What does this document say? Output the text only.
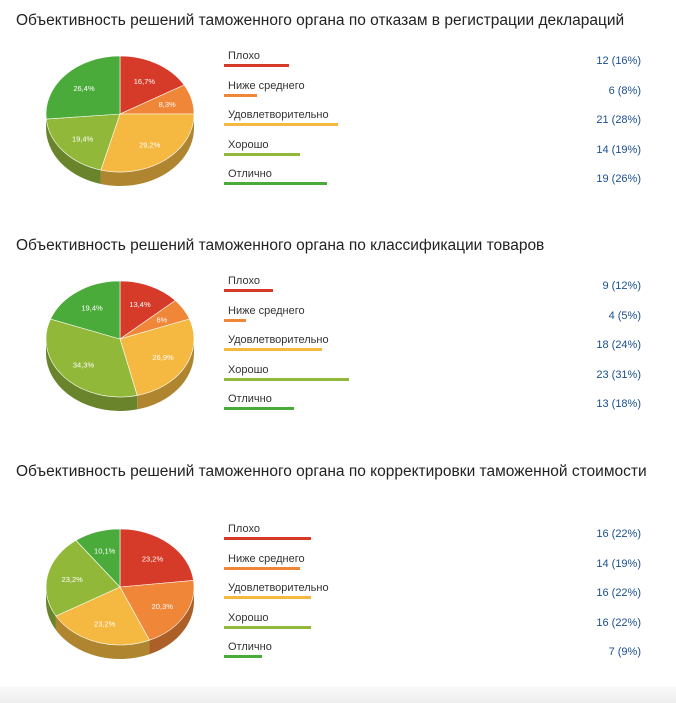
Объективность решений таможенного органа по отказам в регистрации деклараций
16,7%
8,3%
29,2%
19,4%
26,4%
Плохо	12 (16%)
Ниже среднего	6 (8%)
Удовлетворительно	21 (28%)
Хорошо	14 (19%)
Отлично	19 (26%)
Объективность решений таможенного органа по классификации товаров
13,4%
6%
26,9%
34,3%
19,4%
Плохо	9 (12%)
Ниже среднего	4 (5%)
Удовлетворительно	18 (24%)
Хорошо	23 (31%)
Отлично	13 (18%)
Объективность решений таможенного органа по корректировки таможенной стоимости
23,2%
20,3%
23,2%
23,2%
10,1%
Плохо	16 (22%)
Ниже среднего	14 (19%)
Удовлетворительно	16 (22%)
Хорошо	16 (22%)
Отлично	7 (9%)
